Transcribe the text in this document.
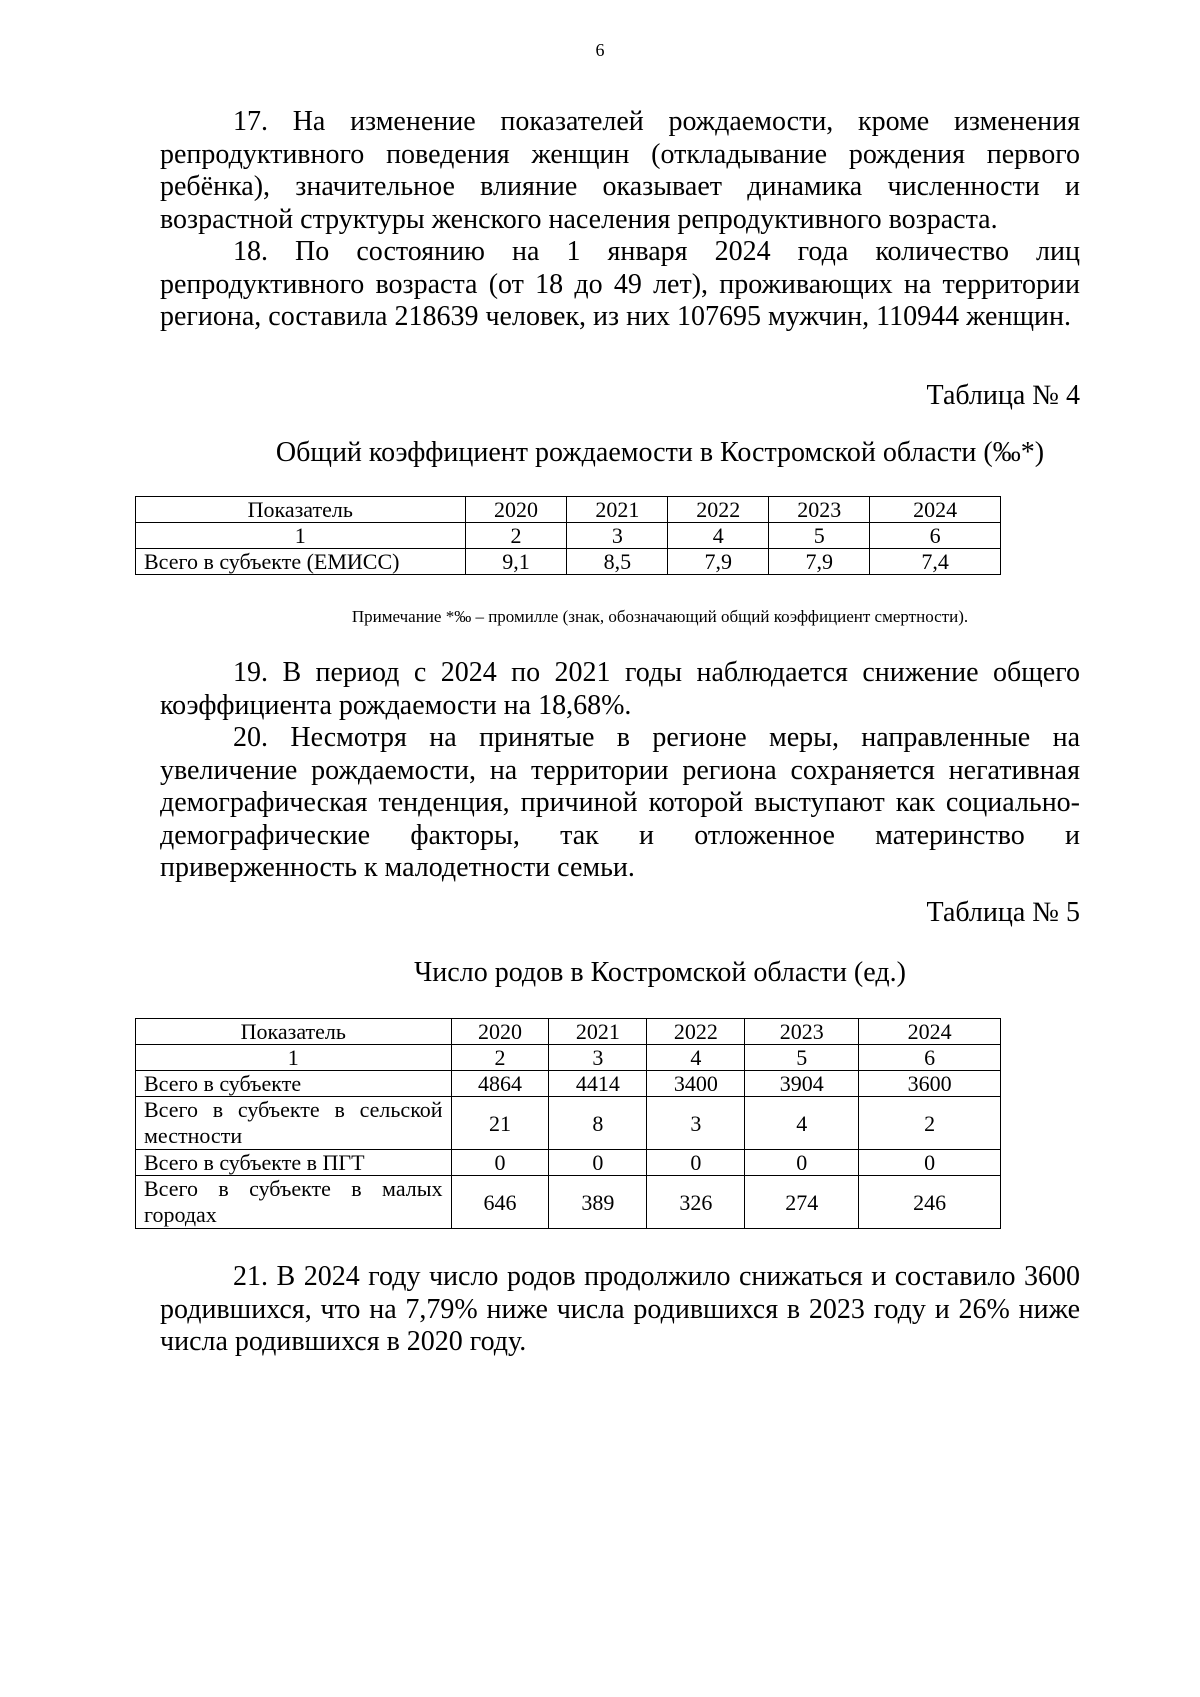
6

17. На изменение показателей рождаемости, кроме изменения репродуктивного поведения женщин (откладывание рождения первого ребёнка), значительное влияние оказывает динамика численности и возрастной структуры женского населения репродуктивного возраста.

18. По состоянию на 1 января 2024 года количество лиц репродуктивного возраста (от 18 до 49 лет), проживающих на территории региона, составила 218639 человек, из них 107695 мужчин, 110944 женщин.

Таблица № 4
Общий коэффициент рождаемости в Костромской области (‰*)
Показатель	2020	2021	2022	2023	2024
1	2	3	4	5	6
Всего в субъекте (ЕМИСС)	9,1	8,5	7,9	7,9	7,4
Примечание *‰ – промилле (знак, обозначающий общий коэффициент смертности).

19. В период с 2024 по 2021 годы наблюдается снижение общего коэффициента рождаемости на 18,68%.

20. Несмотря на принятые в регионе меры, направленные на увеличение рождаемости, на территории региона сохраняется негативная демографическая тенденция, причиной которой выступают как социально-демографические факторы, так и отложенное материнство и приверженность к малодетности семьи.

Таблица № 5
Число родов в Костромской области (ед.)
Показатель	2020	2021	2022	2023	2024
1	2	3	4	5	6
Всего в субъекте	4864	4414	3400	3904	3600
Всего в субъекте в сельской местности	21	8	3	4	2
Всего в субъекте в ПГТ	0	0	0	0	0
Всего в субъекте в малых городах	646	389	326	274	246

21. В 2024 году число родов продолжило снижаться и составило 3600 родившихся, что на 7,79% ниже числа родившихся в 2023 году и 26% ниже числа родившихся в 2020 году.
